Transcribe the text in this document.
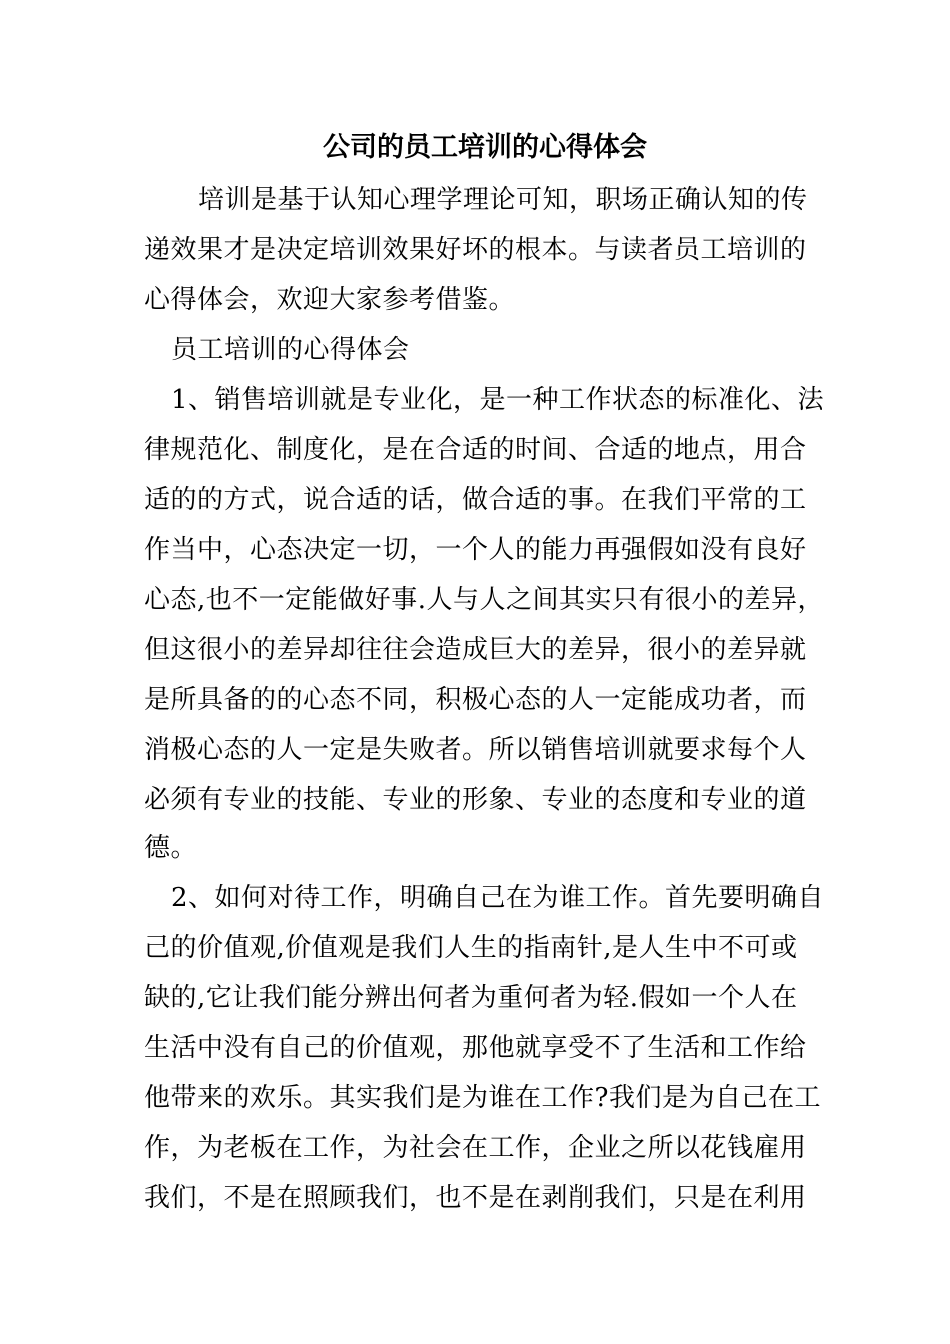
公司的员工培训的心得体会
培训是基于认知心理学理论可知，职场正确认知的传
递效果才是决定培训效果好坏的根本。与读者员工培训的
心得体会，欢迎大家参考借鉴。
员工培训的心得体会
1、销售培训就是专业化，是一种工作状态的标准化、法
律规范化、制度化，是在合适的时间、合适的地点，用合
适的的方式，说合适的话，做合适的事。在我们平常的工
作当中，心态决定一切，一个人的能力再强假如没有良好
心态,也不一定能做好事.人与人之间其实只有很小的差异，
但这很小的差异却往往会造成巨大的差异，很小的差异就
是所具备的的心态不同，积极心态的人一定能成功者，而
消极心态的人一定是失败者。所以销售培训就要求每个人
必须有专业的技能、专业的形象、专业的态度和专业的道
德。
2、如何对待工作，明确自己在为谁工作。首先要明确自
己的价值观,价值观是我们人生的指南针,是人生中不可或
缺的,它让我们能分辨出何者为重何者为轻.假如一个人在
生活中没有自己的价值观，那他就享受不了生活和工作给
他带来的欢乐。其实我们是为谁在工作?我们是为自己在工
作，为老板在工作，为社会在工作，企业之所以花钱雇用
我们，不是在照顾我们，也不是在剥削我们，只是在利用
